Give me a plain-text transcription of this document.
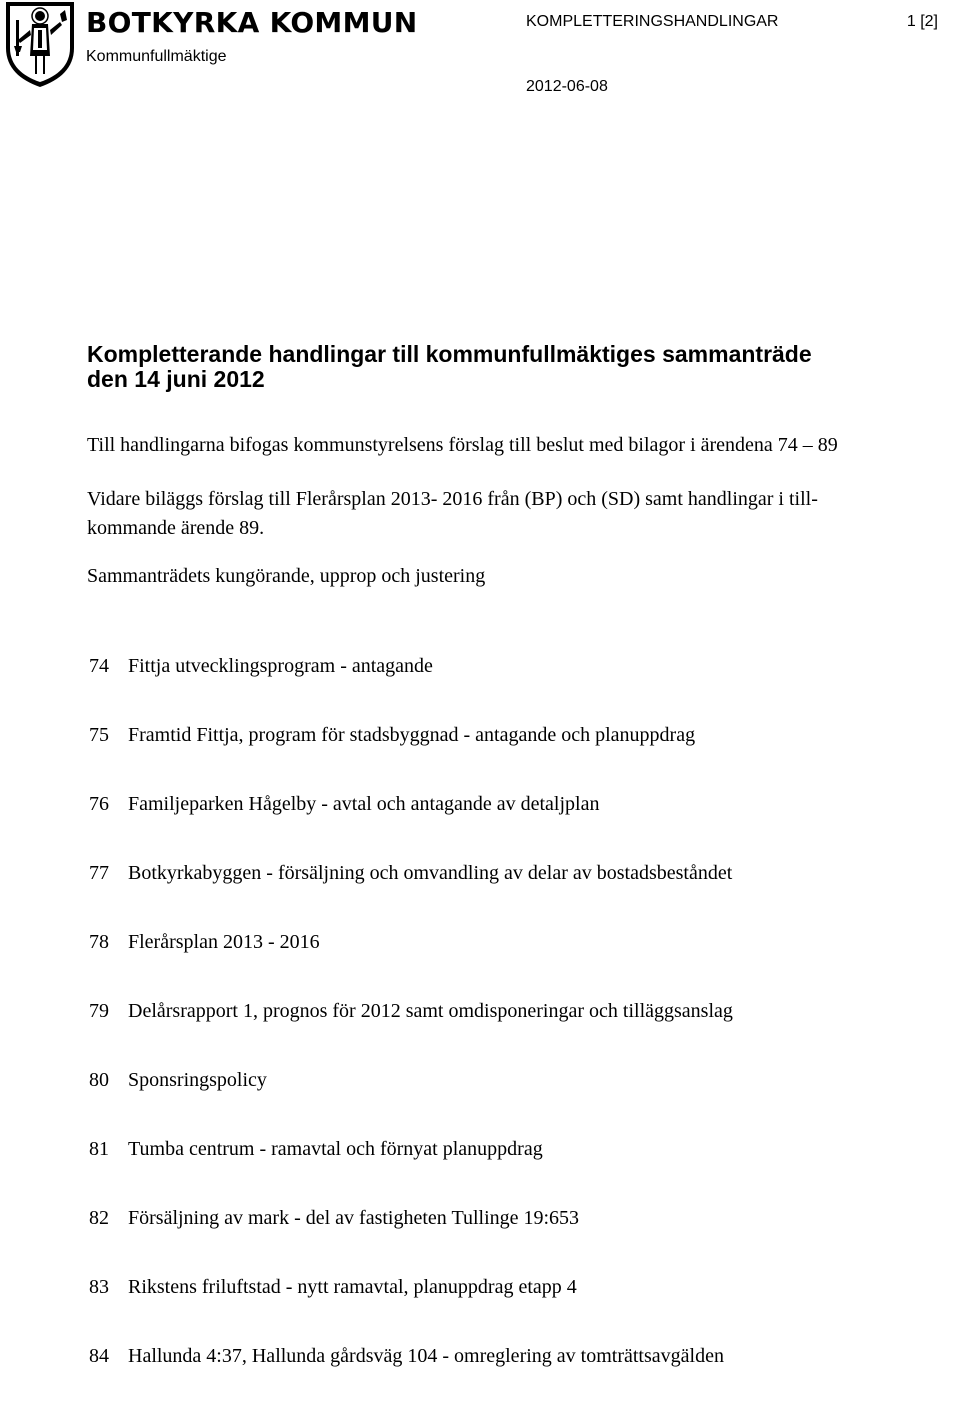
BOTKYRKA KOMMUN
Kommunfullmäktige
KOMPLETTERINGSHANDLINGAR	1 [2]
2012-06-08
Kompletterande handlingar till kommunfullmäktiges sammanträde
den 14 juni 2012

Till handlingarna bifogas kommunstyrelsens förslag till beslut med bilagor i ärendena 74 – 89

Vidare biläggs förslag till Flerårsplan 2013- 2016 från (BP) och (SD) samt handlingar i till-
kommande ärende 89.

Sammanträdets kungörande, upprop och justering

74 Fittja utvecklingsprogram - antagande
75 Framtid Fittja, program för stadsbyggnad - antagande och planuppdrag
76 Familjeparken Hågelby - avtal och antagande av detaljplan
77 Botkyrkabyggen - försäljning och omvandling av delar av bostadsbeståndet
78 Flerårsplan 2013 - 2016
79 Delårsrapport 1, prognos för 2012 samt omdisponeringar och tilläggsanslag
80 Sponsringspolicy
81 Tumba centrum - ramavtal och förnyat planuppdrag
82 Försäljning av mark - del av fastigheten Tullinge 19:653
83 Rikstens friluftstad - nytt ramavtal, planuppdrag etapp 4
84 Hallunda 4:37, Hallunda gårdsväg 104 - omreglering av tomträttsavgälden
